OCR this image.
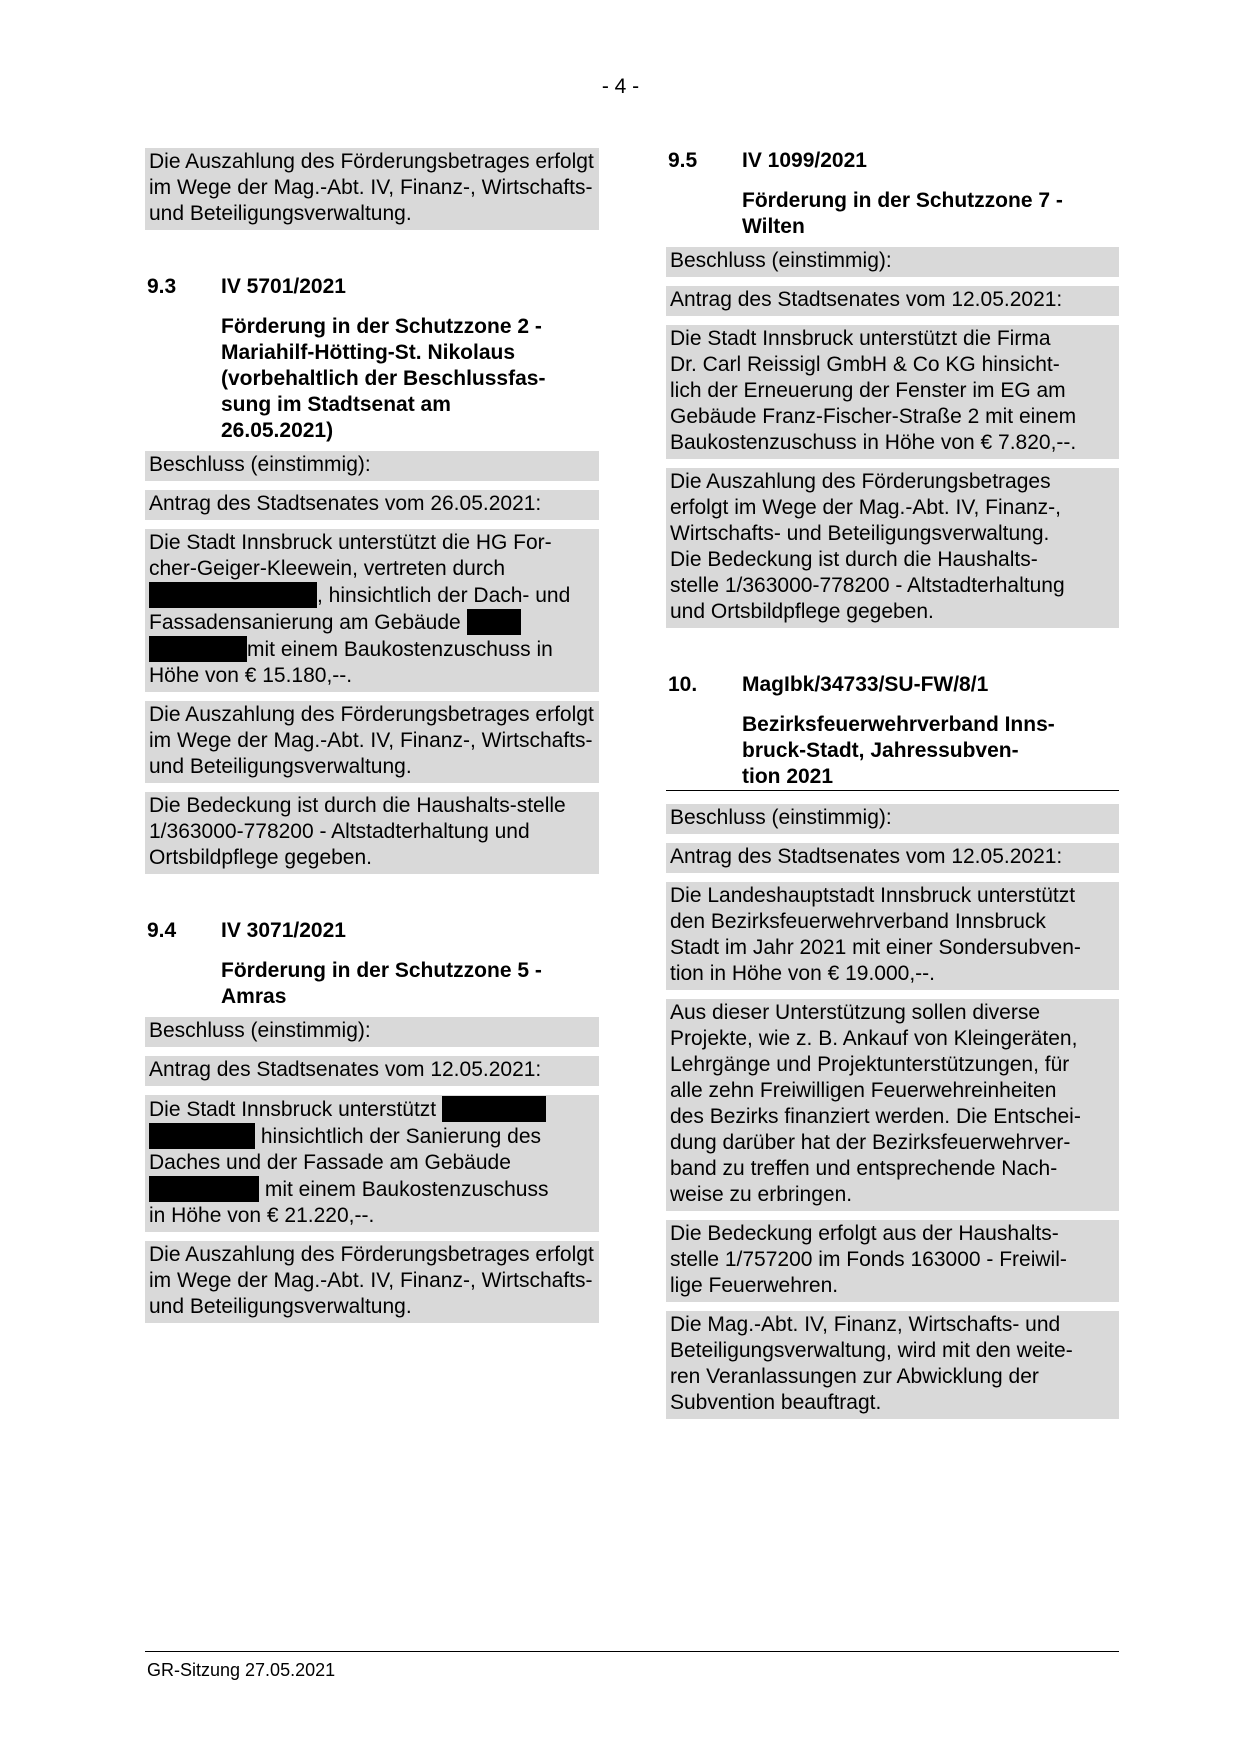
- 4 -

Die Auszahlung des Förderungsbetrages erfolgt im Wege der Mag.-Abt. IV, Finanz-, Wirtschafts- und Beteiligungsverwaltung.

9.3	IV 5701/2021
Förderung in der Schutzzone 2 -
Mariahilf-Hötting-St. Nikolaus
(vorbehaltlich der Beschlussfas-
sung im Stadtsenat am
26.05.2021)

Beschluss (einstimmig):

Antrag des Stadtsenates vom 26.05.2021:

Die Stadt Innsbruck unterstützt die HG For-
cher-Geiger-Kleewein, vertreten durch
, hinsichtlich der Dach- und
Fassadensanierung am Gebäude
mit einem Baukostenzuschuss in
Höhe von € 15.180,--.

Die Auszahlung des Förderungsbetrages erfolgt im Wege der Mag.-Abt. IV, Finanz-, Wirtschafts- und Beteiligungsverwaltung.

Die Bedeckung ist durch die Haushalts-stelle 1/363000-778200 - Altstadterhaltung und Ortsbildpflege gegeben.

9.4	IV 3071/2021
Förderung in der Schutzzone 5 -
Amras

Beschluss (einstimmig):

Antrag des Stadtsenates vom 12.05.2021:

Die Stadt Innsbruck unterstützt
hinsichtlich der Sanierung des
Daches und der Fassade am Gebäude
mit einem Baukostenzuschuss
in Höhe von € 21.220,--.

Die Auszahlung des Förderungsbetrages erfolgt im Wege der Mag.-Abt. IV, Finanz-, Wirtschafts- und Beteiligungsverwaltung.

9.5	IV 1099/2021
Förderung in der Schutzzone 7 -
Wilten

Beschluss (einstimmig):

Antrag des Stadtsenates vom 12.05.2021:

Die Stadt Innsbruck unterstützt die Firma
Dr. Carl Reissigl GmbH & Co KG hinsicht-
lich der Erneuerung der Fenster im EG am
Gebäude Franz-Fischer-Straße 2 mit einem
Baukostenzuschuss in Höhe von € 7.820,--.
Die Auszahlung des Förderungsbetrages
erfolgt im Wege der Mag.-Abt. IV, Finanz-,
Wirtschafts- und Beteiligungsverwaltung.
Die Bedeckung ist durch die Haushalts-
stelle 1/363000-778200 - Altstadterhaltung
und Ortsbildpflege gegeben.
10.	MagIbk/34733/SU-FW/8/1
Bezirksfeuerwehrverband Inns-
bruck-Stadt, Jahressubven-
tion 2021

Beschluss (einstimmig):

Antrag des Stadtsenates vom 12.05.2021:

Die Landeshauptstadt Innsbruck unterstützt
den Bezirksfeuerwehrverband Innsbruck
Stadt im Jahr 2021 mit einer Sondersubven-
tion in Höhe von € 19.000,--.
Aus dieser Unterstützung sollen diverse
Projekte, wie z. B. Ankauf von Kleingeräten,
Lehrgänge und Projektunterstützungen, für
alle zehn Freiwilligen Feuerwehreinheiten
des Bezirks finanziert werden. Die Entschei-
dung darüber hat der Bezirksfeuerwehrver-
band zu treffen und entsprechende Nach-
weise zu erbringen.
Die Bedeckung erfolgt aus der Haushalts-
stelle 1/757200 im Fonds 163000 - Freiwil-
lige Feuerwehren.
Die Mag.-Abt. IV, Finanz, Wirtschafts- und
Beteiligungsverwaltung, wird mit den weite-
ren Veranlassungen zur Abwicklung der
Subvention beauftragt.
GR-Sitzung 27.05.2021
